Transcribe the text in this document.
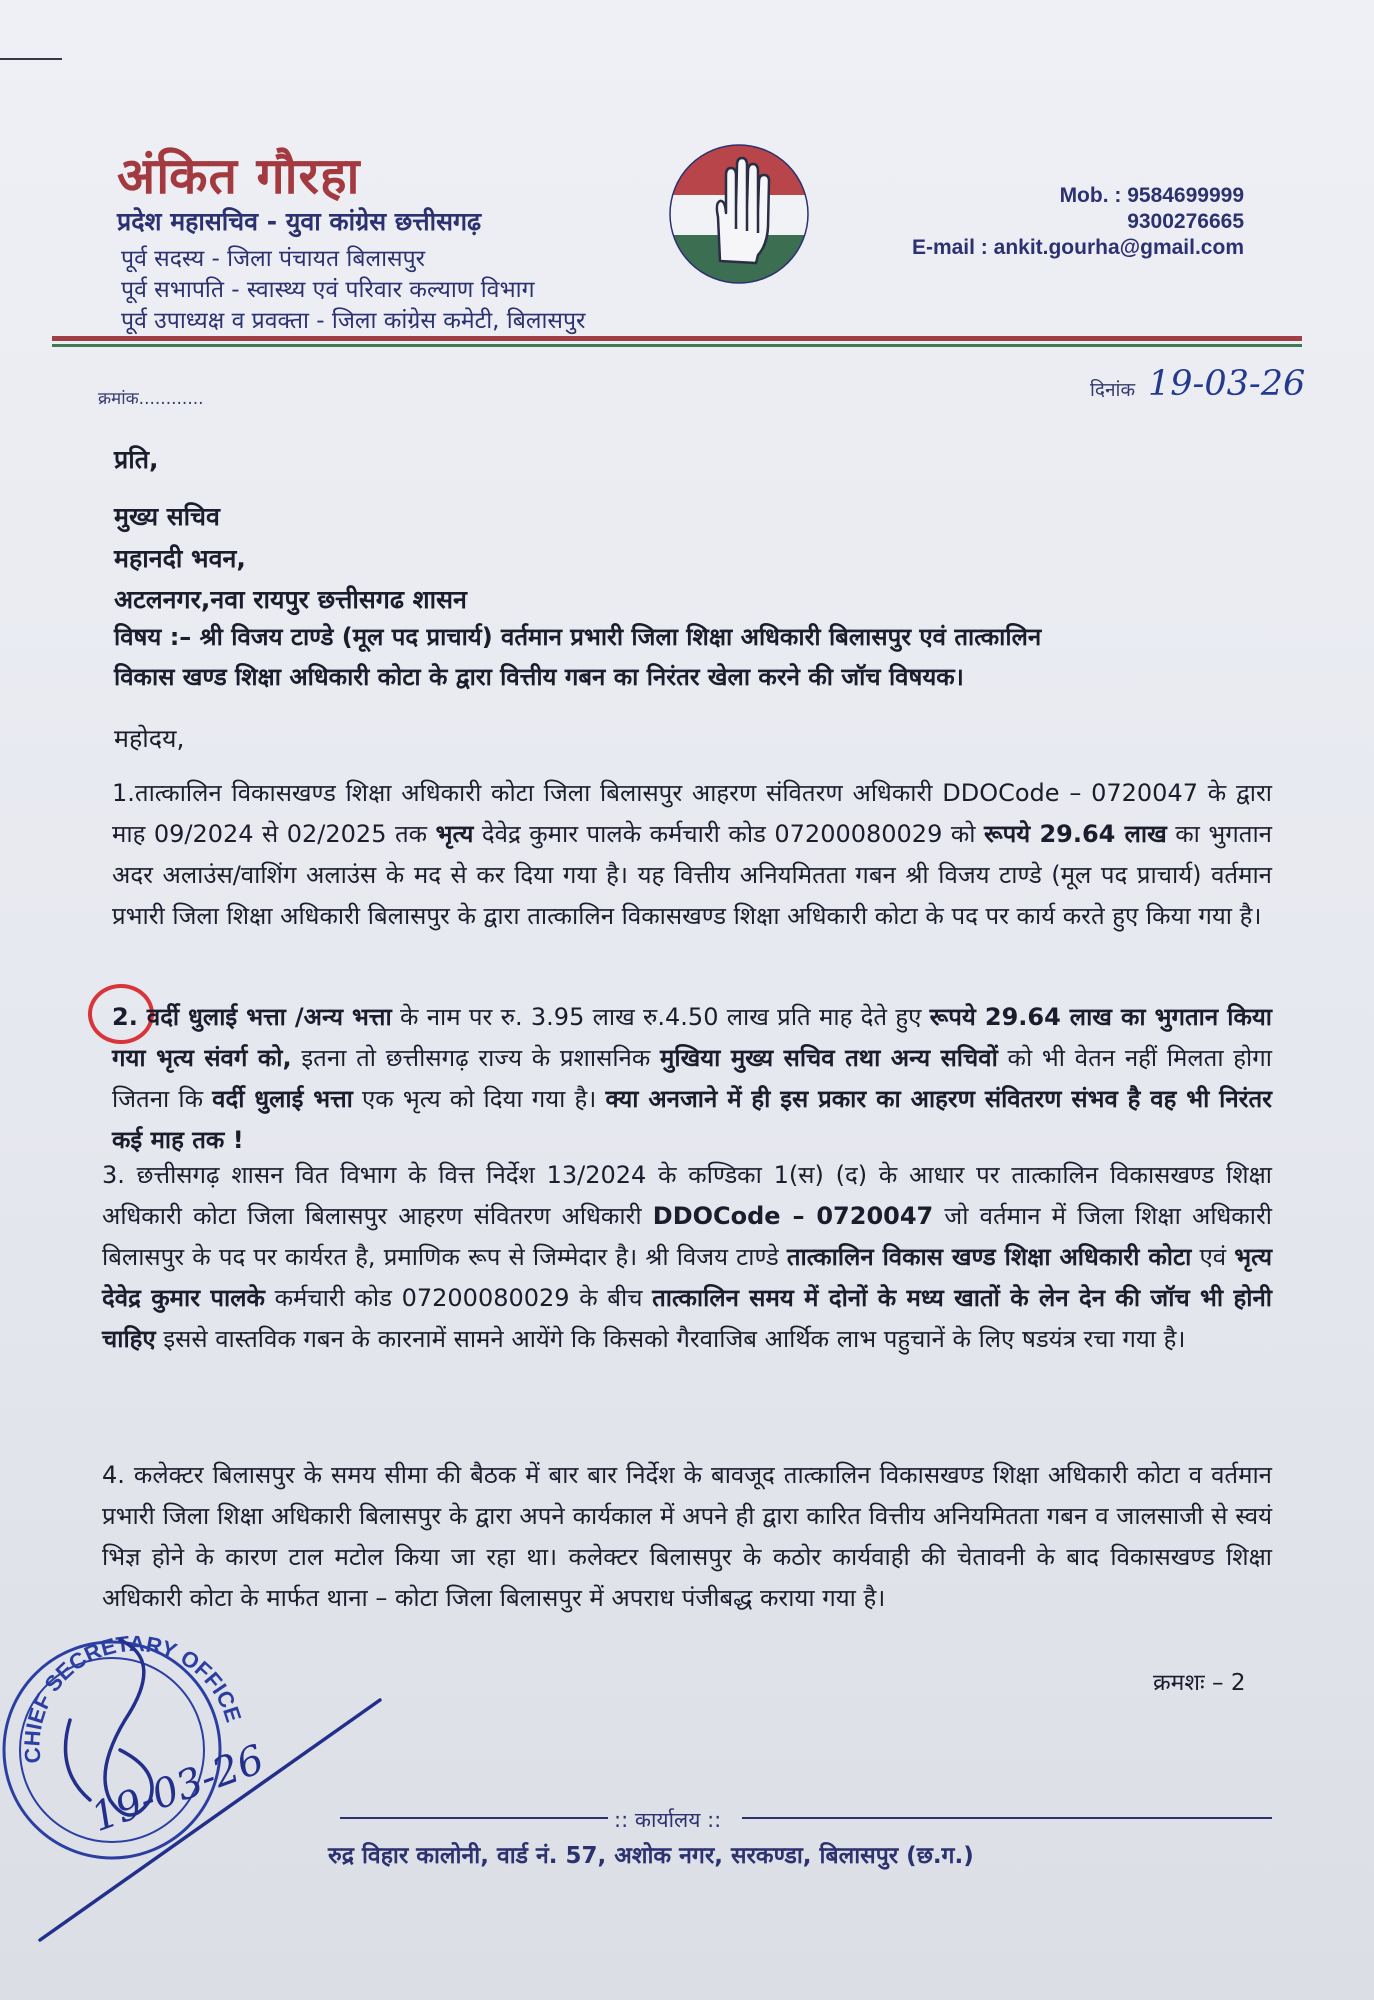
अंकित गौरहा
प्रदेश महासचिव - युवा कांग्रेस छत्तीसगढ़
पूर्व सदस्य - जिला पंचायत बिलासपुर
पूर्व सभापति - स्वास्थ्य एवं परिवार कल्याण विभाग
पूर्व उपाध्यक्ष व प्रवक्ता - जिला कांग्रेस कमेटी, बिलासपुर
Mob. : 9584699999
9300276665
E-mail : ankit.gourha@gmail.com
क्रमांक............	दिनांक 19-03-26
प्रति,
मुख्य सचिव
महानदी भवन,
अटलनगर,नवा रायपुर छत्तीसगढ शासन
विषय :– श्री विजय टाण्डे (मूल पद प्राचार्य) वर्तमान प्रभारी जिला शिक्षा अधिकारी बिलासपुर एवं तात्कालिन
विकास खण्ड शिक्षा अधिकारी कोटा के द्वारा वित्तीय गबन का निरंतर खेला करने की जॉच विषयक।
महोदय,
1.तात्कालिन विकासखण्ड शिक्षा अधिकारी कोटा जिला बिलासपुर आहरण संवितरण अधिकारी DDOCode – 0720047 के द्वारा माह 09/2024 से 02/2025 तक भृत्य देवेद्र कुमार पालके कर्मचारी कोड 07200080029 को रूपये 29.64 लाख का भुगतान अदर अलाउंस/वाशिंग अलाउंस के मद से कर दिया गया है। यह वित्तीय अनियमितता गबन श्री विजय टाण्डे (मूल पद प्राचार्य) वर्तमान प्रभारी जिला शिक्षा अधिकारी बिलासपुर के द्वारा तात्कालिन विकासखण्ड शिक्षा अधिकारी कोटा के पद पर कार्य करते हुए किया गया है।
2. वर्दी धुलाई भत्ता /अन्य भत्ता के नाम पर रु. 3.95 लाख रु.4.50 लाख प्रति माह देते हुए रूपये 29.64 लाख का भुगतान किया गया भृत्य संवर्ग को, इतना तो छत्तीसगढ़ राज्य के प्रशासनिक मुखिया मुख्य सचिव तथा अन्य सचिवों को भी वेतन नहीं मिलता होगा जितना कि वर्दी धुलाई भत्ता एक भृत्य को दिया गया है। क्या अनजाने में ही इस प्रकार का आहरण संवितरण संभव है वह भी निरंतर कई माह तक !
3. छत्तीसगढ़ शासन वित विभाग के वित्त निर्देश 13/2024 के कण्डिका 1(स) (द) के आधार पर तात्कालिन विकासखण्ड शिक्षा अधिकारी कोटा जिला बिलासपुर आहरण संवितरण अधिकारी DDOCode – 0720047 जो वर्तमान में जिला शिक्षा अधिकारी बिलासपुर के पद पर कार्यरत है, प्रमाणिक रूप से जिम्मेदार है। श्री विजय टाण्डे तात्कालिन विकास खण्ड शिक्षा अधिकारी कोटा एवं भृत्य देवेद्र कुमार पालके कर्मचारी कोड 07200080029 के बीच तात्कालिन समय में दोनों के मध्य खातों के लेन देन की जॉच भी होनी चाहिए इससे वास्तविक गबन के कारनामें सामने आयेंगे कि किसको गैरवाजिब आर्थिक लाभ पहुचानें के लिए षडयंत्र रचा गया है।
4. कलेक्टर बिलासपुर के समय सीमा की बैठक में बार बार निर्देश के बावजूद तात्कालिन विकासखण्ड शिक्षा अधिकारी कोटा व वर्तमान प्रभारी जिला शिक्षा अधिकारी बिलासपुर के द्वारा अपने कार्यकाल में अपने ही द्वारा कारित वित्तीय अनियमितता गबन व जालसाजी से स्वयं भिज्ञ होने के कारण टाल मटोल किया जा रहा था। कलेक्टर बिलासपुर के कठोर कार्यवाही की चेतावनी के बाद विकासखण्ड शिक्षा अधिकारी कोटा के मार्फत थाना – कोटा जिला बिलासपुर में अपराध पंजीबद्ध कराया गया है।
क्रमशः – 2
:: कार्यालय ::
रुद्र विहार कालोनी, वार्ड नं. 57, अशोक नगर, सरकण्डा, बिलासपुर (छ.ग.)
CHIEF SECRETARY OFFICE
19-03-26
